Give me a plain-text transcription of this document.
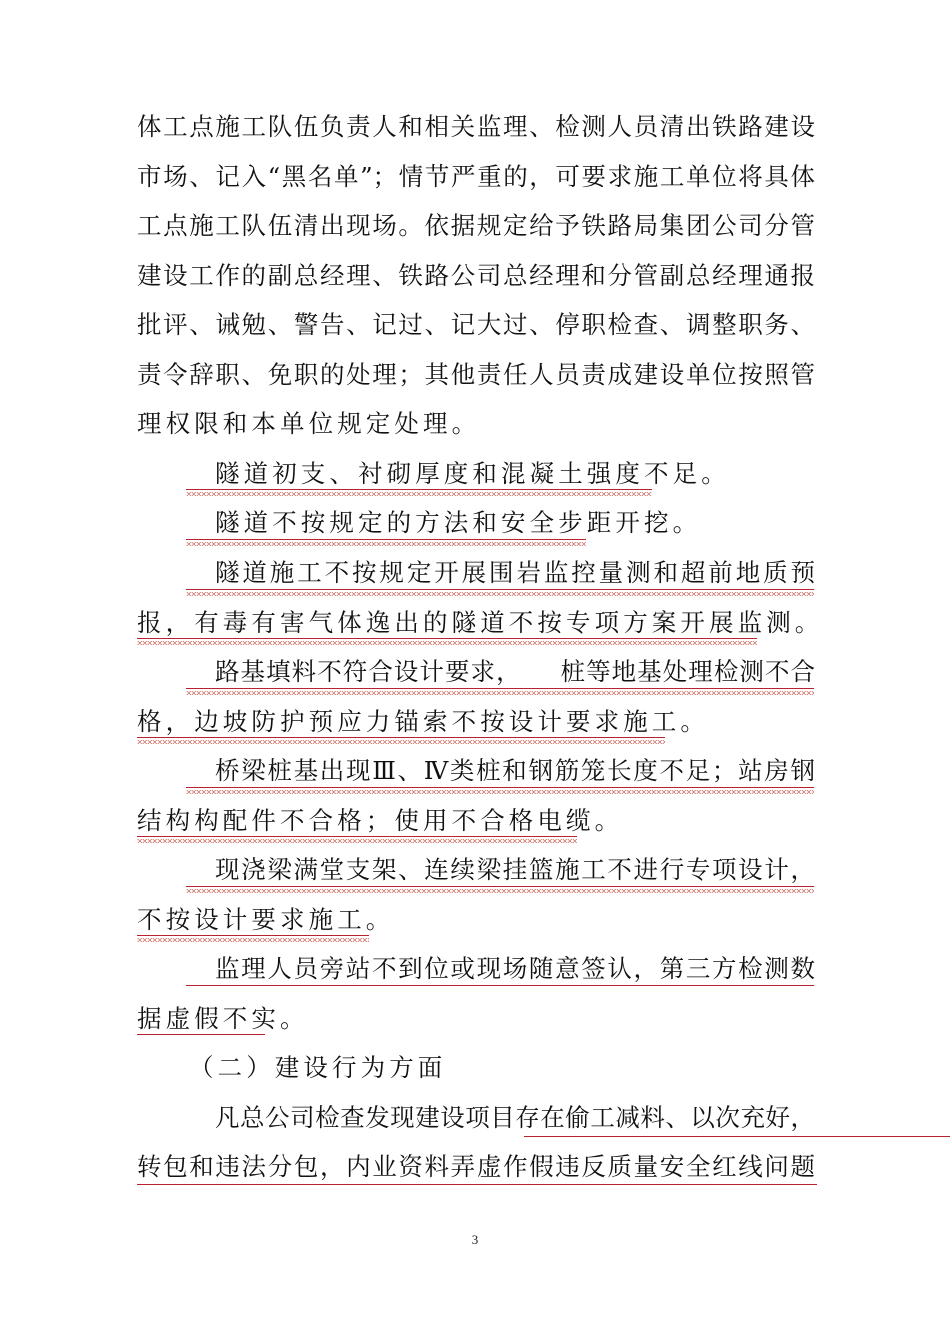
体工点施工队伍负责人和相关监理、检测人员清出铁路建设
市场、记入“黑名单”；情节严重的，可要求施工单位将具体
工点施工队伍清出现场。依据规定给予铁路局集团公司分管
建设工作的副总经理、铁路公司总经理和分管副总经理通报
批评、诫勉、警告、记过、记大过、停职检查、调整职务、
责令辞职、免职的处理；其他责任人员责成建设单位按照管
理权限和本单位规定处理。
隧道初支、衬砌厚度和混凝土强度不足。
隧道不按规定的方法和安全步距开挖。
隧道施工不按规定开展围岩监控量测和超前地质预
报，有毒有害气体逸出的隧道不按专项方案开展监测。
路基填料不符合设计要求，　　桩等地基处理检测不合
格，边坡防护预应力锚索不按设计要求施工。
桥梁桩基出现Ⅲ、Ⅳ类桩和钢筋笼长度不足；站房钢
结构构配件不合格；使用不合格电缆。
现浇梁满堂支架、连续梁挂篮施工不进行专项设计，
不按设计要求施工。
监理人员旁站不到位或现场随意签认，第三方检测数
据虚假不实。
（二）建设行为方面
凡总公司检查发现建设项目存在偷工减料、以次充好，
转包和违法分包，内业资料弄虚作假违反质量安全红线问题
3
